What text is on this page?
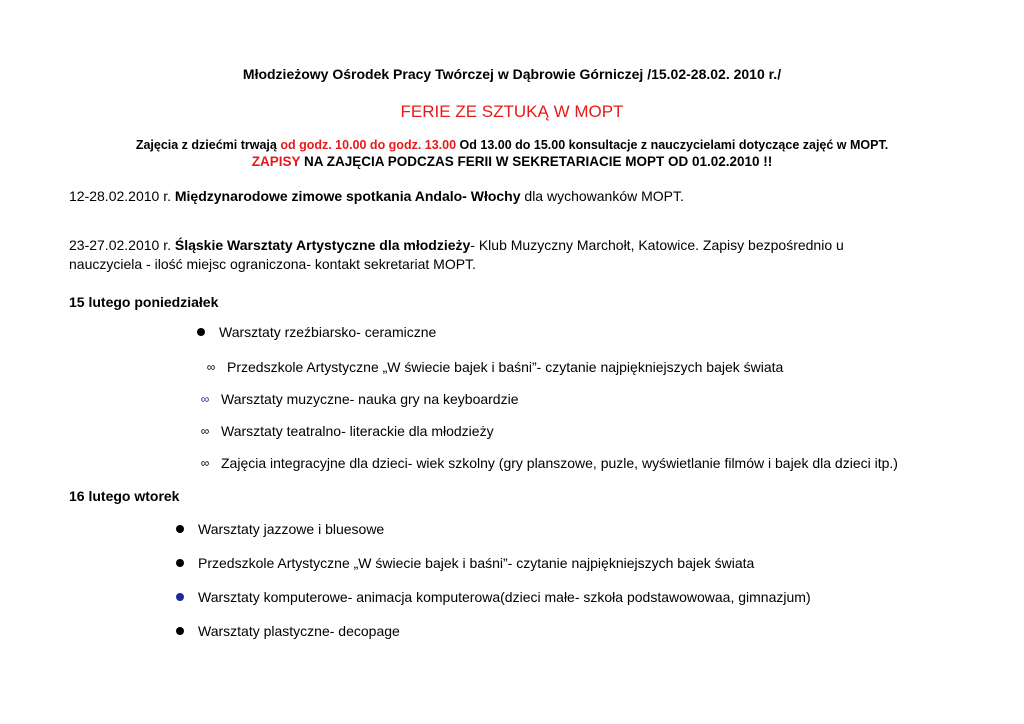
Młodzieżowy Ośrodek Pracy Twórczej w Dąbrowie Górniczej /15.02-28.02. 2010 r./
FERIE ZE SZTUKĄ W MOPT
Zajęcia z dziećmi trwają od godz. 10.00 do godz. 13.00 Od 13.00 do 15.00 konsultacje z nauczycielami dotyczące zajęć w MOPT.
ZAPISY NA ZAJĘCIA PODCZAS FERII W SEKRETARIACIE MOPT OD 01.02.2010 !!
12-28.02.2010 r. Międzynarodowe zimowe spotkania Andalo- Włochy dla wychowanków MOPT.
23-27.02.2010 r. Śląskie Warsztaty Artystyczne dla młodzieży- Klub Muzyczny Marchołt, Katowice. Zapisy bezpośrednio u
nauczyciela - ilość miejsc ograniczona- kontakt sekretariat MOPT.
15 lutego poniedziałek
Warsztaty rzeźbiarsko- ceramiczne
∞ Przedszkole Artystyczne „W świecie bajek i baśni”- czytanie najpiękniejszych bajek świata
∞ Warsztaty muzyczne- nauka gry na keyboardzie
∞ Warsztaty teatralno- literackie dla młodzieży
∞ Zajęcia integracyjne dla dzieci- wiek szkolny (gry planszowe, puzle, wyświetlanie filmów i bajek dla dzieci itp.)
16 lutego wtorek
Warsztaty jazzowe i bluesowe
Przedszkole Artystyczne „W świecie bajek i baśni”- czytanie najpiękniejszych bajek świata
Warsztaty komputerowe- animacja komputerowa(dzieci małe- szkoła podstawowowaa, gimnazjum)
Warsztaty plastyczne- decopage
